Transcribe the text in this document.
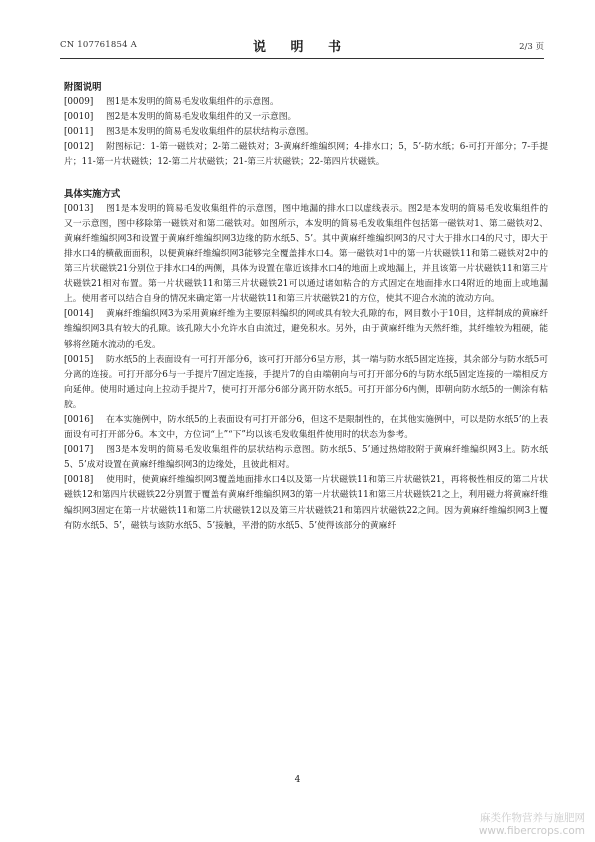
CN 107761854 A	说 明 书	2/3 页

附图说明

[0009] 图1是本发明的简易毛发收集组件的示意图。

[0010] 图2是本发明的简易毛发收集组件的又一示意图。

[0011] 图3是本发明的简易毛发收集组件的层状结构示意图。

[0012] 附图标记：1-第一磁铁对；2-第二磁铁对；3-黄麻纤维编织网；4-排水口；5，5’-防水纸；6-可打开部分；7-手提片；11-第一片状磁铁；12-第二片状磁铁；21-第三片状磁铁；22-第四片状磁铁。

具体实施方式

[0013] 图1是本发明的简易毛发收集组件的示意图，图中地漏的排水口以虚线表示。图2是本发明的简易毛发收集组件的又一示意图，图中移除第一磁铁对和第二磁铁对。如图所示，本发明的简易毛发收集组件包括第一磁铁对1、第二磁铁对2、黄麻纤维编织网3和设置于黄麻纤维编织网3边缘的防水纸5、5’。其中黄麻纤维编织网3的尺寸大于排水口4的尺寸，即大于排水口4的横截面面积，以便黄麻纤维编织网3能够完全覆盖排水口4。第一磁铁对1中的第一片状磁铁11和第二磁铁对2中的第三片状磁铁21分别位于排水口4的两侧，具体为设置在靠近该排水口4的地面上或地漏上，并且该第一片状磁铁11和第三片状磁铁21相对布置。第一片状磁铁11和第三片状磁铁21可以通过诸如粘合的方式固定在地面排水口4附近的地面上或地漏上。使用者可以结合自身的情况来确定第一片状磁铁11和第三片状磁铁21的方位，使其不迎合水流的流动方向。

[0014] 黄麻纤维编织网3为采用黄麻纤维为主要原料编织的网或具有较大孔隙的布，网目数小于10目，这样制成的黄麻纤维编织网3具有较大的孔隙。该孔隙大小允许水自由流过，避免积水。另外，由于黄麻纤维为天然纤维，其纤维较为粗硬，能够将丝随水流动的毛发。

[0015] 防水纸5的上表面设有一可打开部分6，该可打开部分6呈方形，其一端与防水纸5固定连接，其余部分与防水纸5可分离的连接。可打开部分6与一手提片7固定连接，手提片7的自由端朝向与可打开部分6的与防水纸5固定连接的一端相反方向延伸。使用时通过向上拉动手提片7，使可打开部分6部分离开防水纸5。可打开部分6内侧，即朝向防水纸5的一侧涂有粘胶。

[0016] 在本实施例中，防水纸5的上表面设有可打开部分6，但这不是限制性的，在其他实施例中，可以是防水纸5’的上表面设有可打开部分6。本文中，方位词“上”“下”均以该毛发收集组件使用时的状态为参考。

[0017] 图3是本发明的简易毛发收集组件的层状结构示意图。防水纸5、5’通过热熔胶附于黄麻纤维编织网3上。防水纸5、5’成对设置在黄麻纤维编织网3的边缘处，且彼此相对。

[0018] 使用时，使黄麻纤维编织网3覆盖地面排水口4以及第一片状磁铁11和第三片状磁铁21，再将极性相反的第二片状磁铁12和第四片状磁铁22分别置于覆盖有黄麻纤维编织网3的第一片状磁铁11和第三片状磁铁21之上，利用磁力将黄麻纤维编织网3固定在第一片状磁铁11和第二片状磁铁12以及第三片状磁铁21和第四片状磁铁22之间。因为黄麻纤维编织网3上覆有防水纸5、5’，磁铁与该防水纸5、5’接触，平滑的防水纸5、5’使得该部分的黄麻纤

4
麻类作物营养与施肥网
www.fibercrops.com
